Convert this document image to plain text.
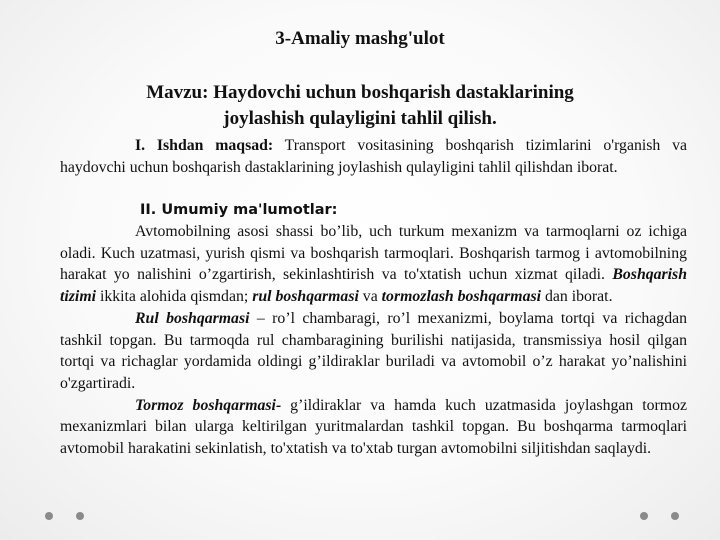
3-Amaliy mashg'ulot
Mavzu: Haydovchi uchun boshqarish dastaklarining
joylashish qulayligini tahlil qilish.

I. Ishdan maqsad: Transport vositasining boshqarish tizimlarini o'rganish va haydovchi uchun boshqarish dastaklarining joylashish qulayligini tahlil qilishdan iborat.

II. Umumiy ma'lumotlar:
Avtomobilning asosi shassi bo’lib, uch turkum mexanizm va tarmoqlarni oz ichiga oladi. Kuch uzatmasi, yurish qismi va boshqarish tarmoqlari. Boshqarish tarmog i avtomobilning harakat yo nalishini o’zgartirish, sekinlashtirish va to'xtatish uchun xizmat qiladi. Boshqarish tizimi ikkita alohida qismdan; rul boshqarmasi va tormozlash boshqarmasi dan iborat.
Rul boshqarmasi – ro’l chambaragi, ro’l mexanizmi, boylama tortqi va richagdan tashkil topgan. Bu tarmoqda rul chambaragining burilishi natijasida, transmissiya hosil qilgan tortqi va richaglar yordamida oldingi g’ildiraklar buriladi va avtomobil o’z harakat yo’nalishini o'zgartiradi.
Tormoz boshqarmasi- g’ildiraklar va hamda kuch uzatmasida joylashgan tormoz mexanizmlari bilan ularga keltirilgan yuritmalardan tashkil topgan. Bu boshqarma tarmoqlari avtomobil harakatini sekinlatish, to'xtatish va to'xtab turgan avtomobilni siljitishdan saqlaydi.
